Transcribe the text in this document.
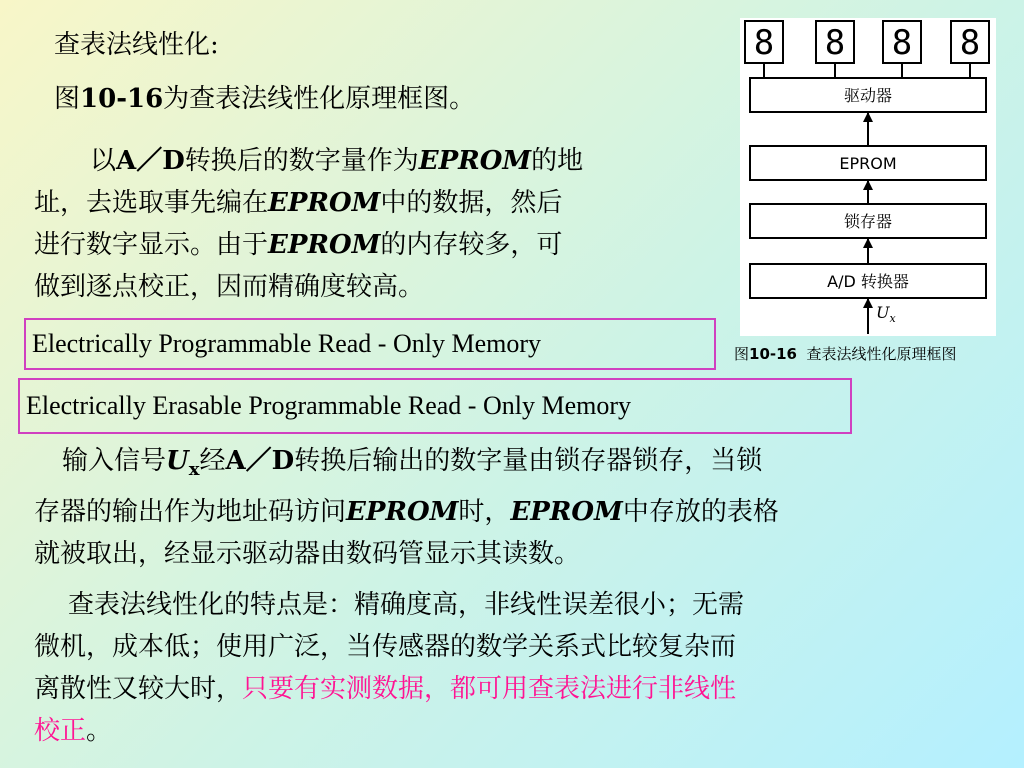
查表法线性化:
图10-16为查表法线性化原理框图。
以A／D转换后的数字量作为EPROM的地
址，去选取事先编在EPROM中的数据，然后
进行数字显示。由于EPROM的内存较多，可
做到逐点校正，因而精确度较高。
Electrically Programmable Read - Only Memory
Electrically Erasable Programmable Read - Only Memory
8 8 8 8
驱动器
EPROM
锁存器
A/D 转换器
$U_x$
图10-16  查表法线性化原理框图
输入信号$U_x$经A／D转换后输出的数字量由锁存器锁存，当锁
存器的输出作为地址码访问EPROM时，EPROM中存放的表格
就被取出，经显示驱动器由数码管显示其读数。
查表法线性化的特点是：精确度高，非线性误差很小；无需
微机，成本低；使用广泛，当传感器的数学关系式比较复杂而
离散性又较大时，只要有实测数据，都可用查表法进行非线性
校正。
